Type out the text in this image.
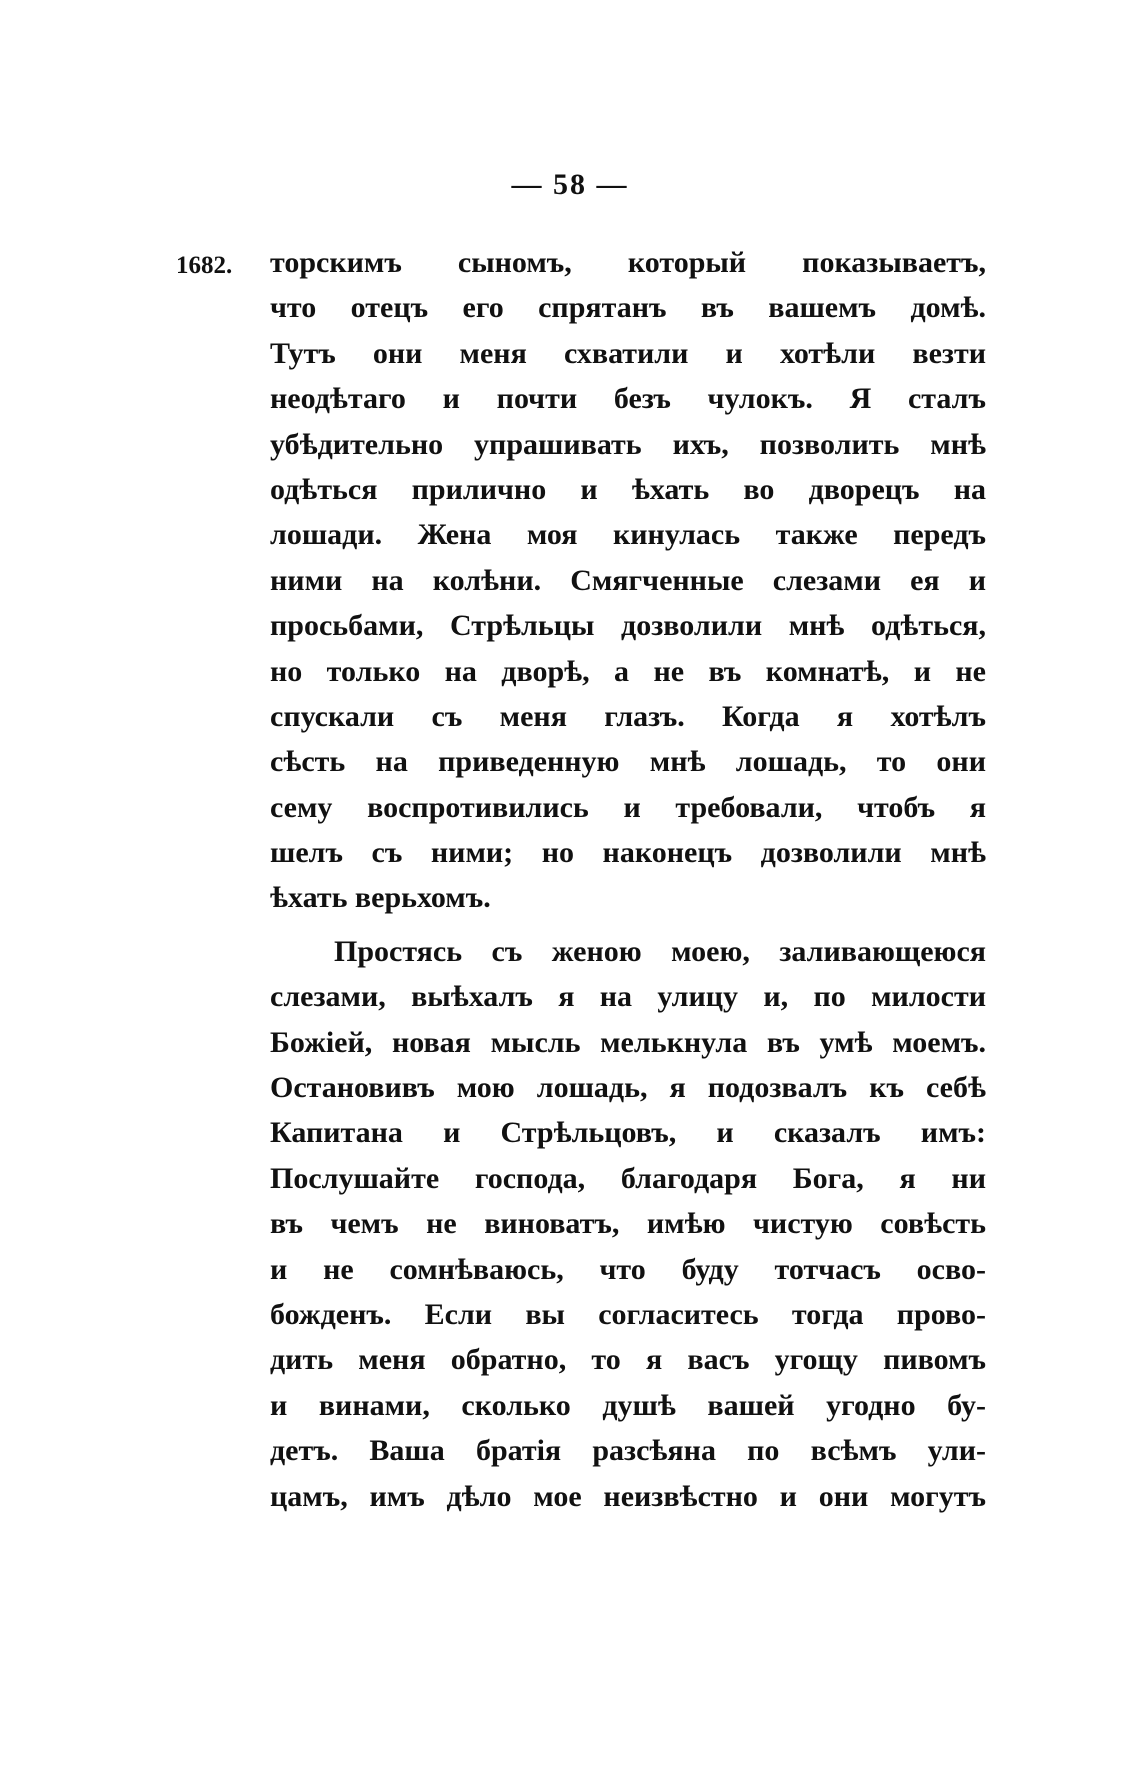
— 58 —
1682. торскимъ сыномъ, который показываетъ,
что отецъ его спрятанъ въ вашемъ домѣ.
Тутъ они меня схватили и хотѣли везти
неодѣтаго и почти безъ чулокъ. Я сталъ
убѣдительно упрашивать ихъ, позволить мнѣ
одѣться прилично и ѣхать во дворецъ на
лошади. Жена моя кинулась также передъ
ними на колѣни. Смягченные слезами ея и
просьбами, Стрѣльцы дозволили мнѣ одѣться,
но только на дворѣ, а не въ комнатѣ, и не
спускали съ меня глазъ. Когда я хотѣлъ
сѣсть на приведенную мнѣ лошадь, то они
сему воспротивились и требовали, чтобъ я
шелъ съ ними; но наконецъ дозволили мнѣ
ѣхать верьхомъ.
Простясь съ женою моею, заливающеюся
слезами, выѣхалъ я на улицу и, по милости
Божіей, новая мысль мелькнула въ умѣ моемъ.
Остановивъ мою лошадь, я подозвалъ къ себѣ
Капитана и Стрѣльцовъ, и сказалъ имъ:
Послушайте господа, благодаря Бога, я ни
въ чемъ не виноватъ, имѣю чистую совѣсть
и не сомнѣваюсь, что буду тотчасъ осво-
божденъ. Если вы согласитесь тогда прово-
дить меня обратно, то я васъ угощу пивомъ
и винами, сколько душѣ вашей угодно бу-
детъ. Ваша братія разсѣяна по всѣмъ ули-
цамъ, имъ дѣло мое неизвѣстно и они могутъ
